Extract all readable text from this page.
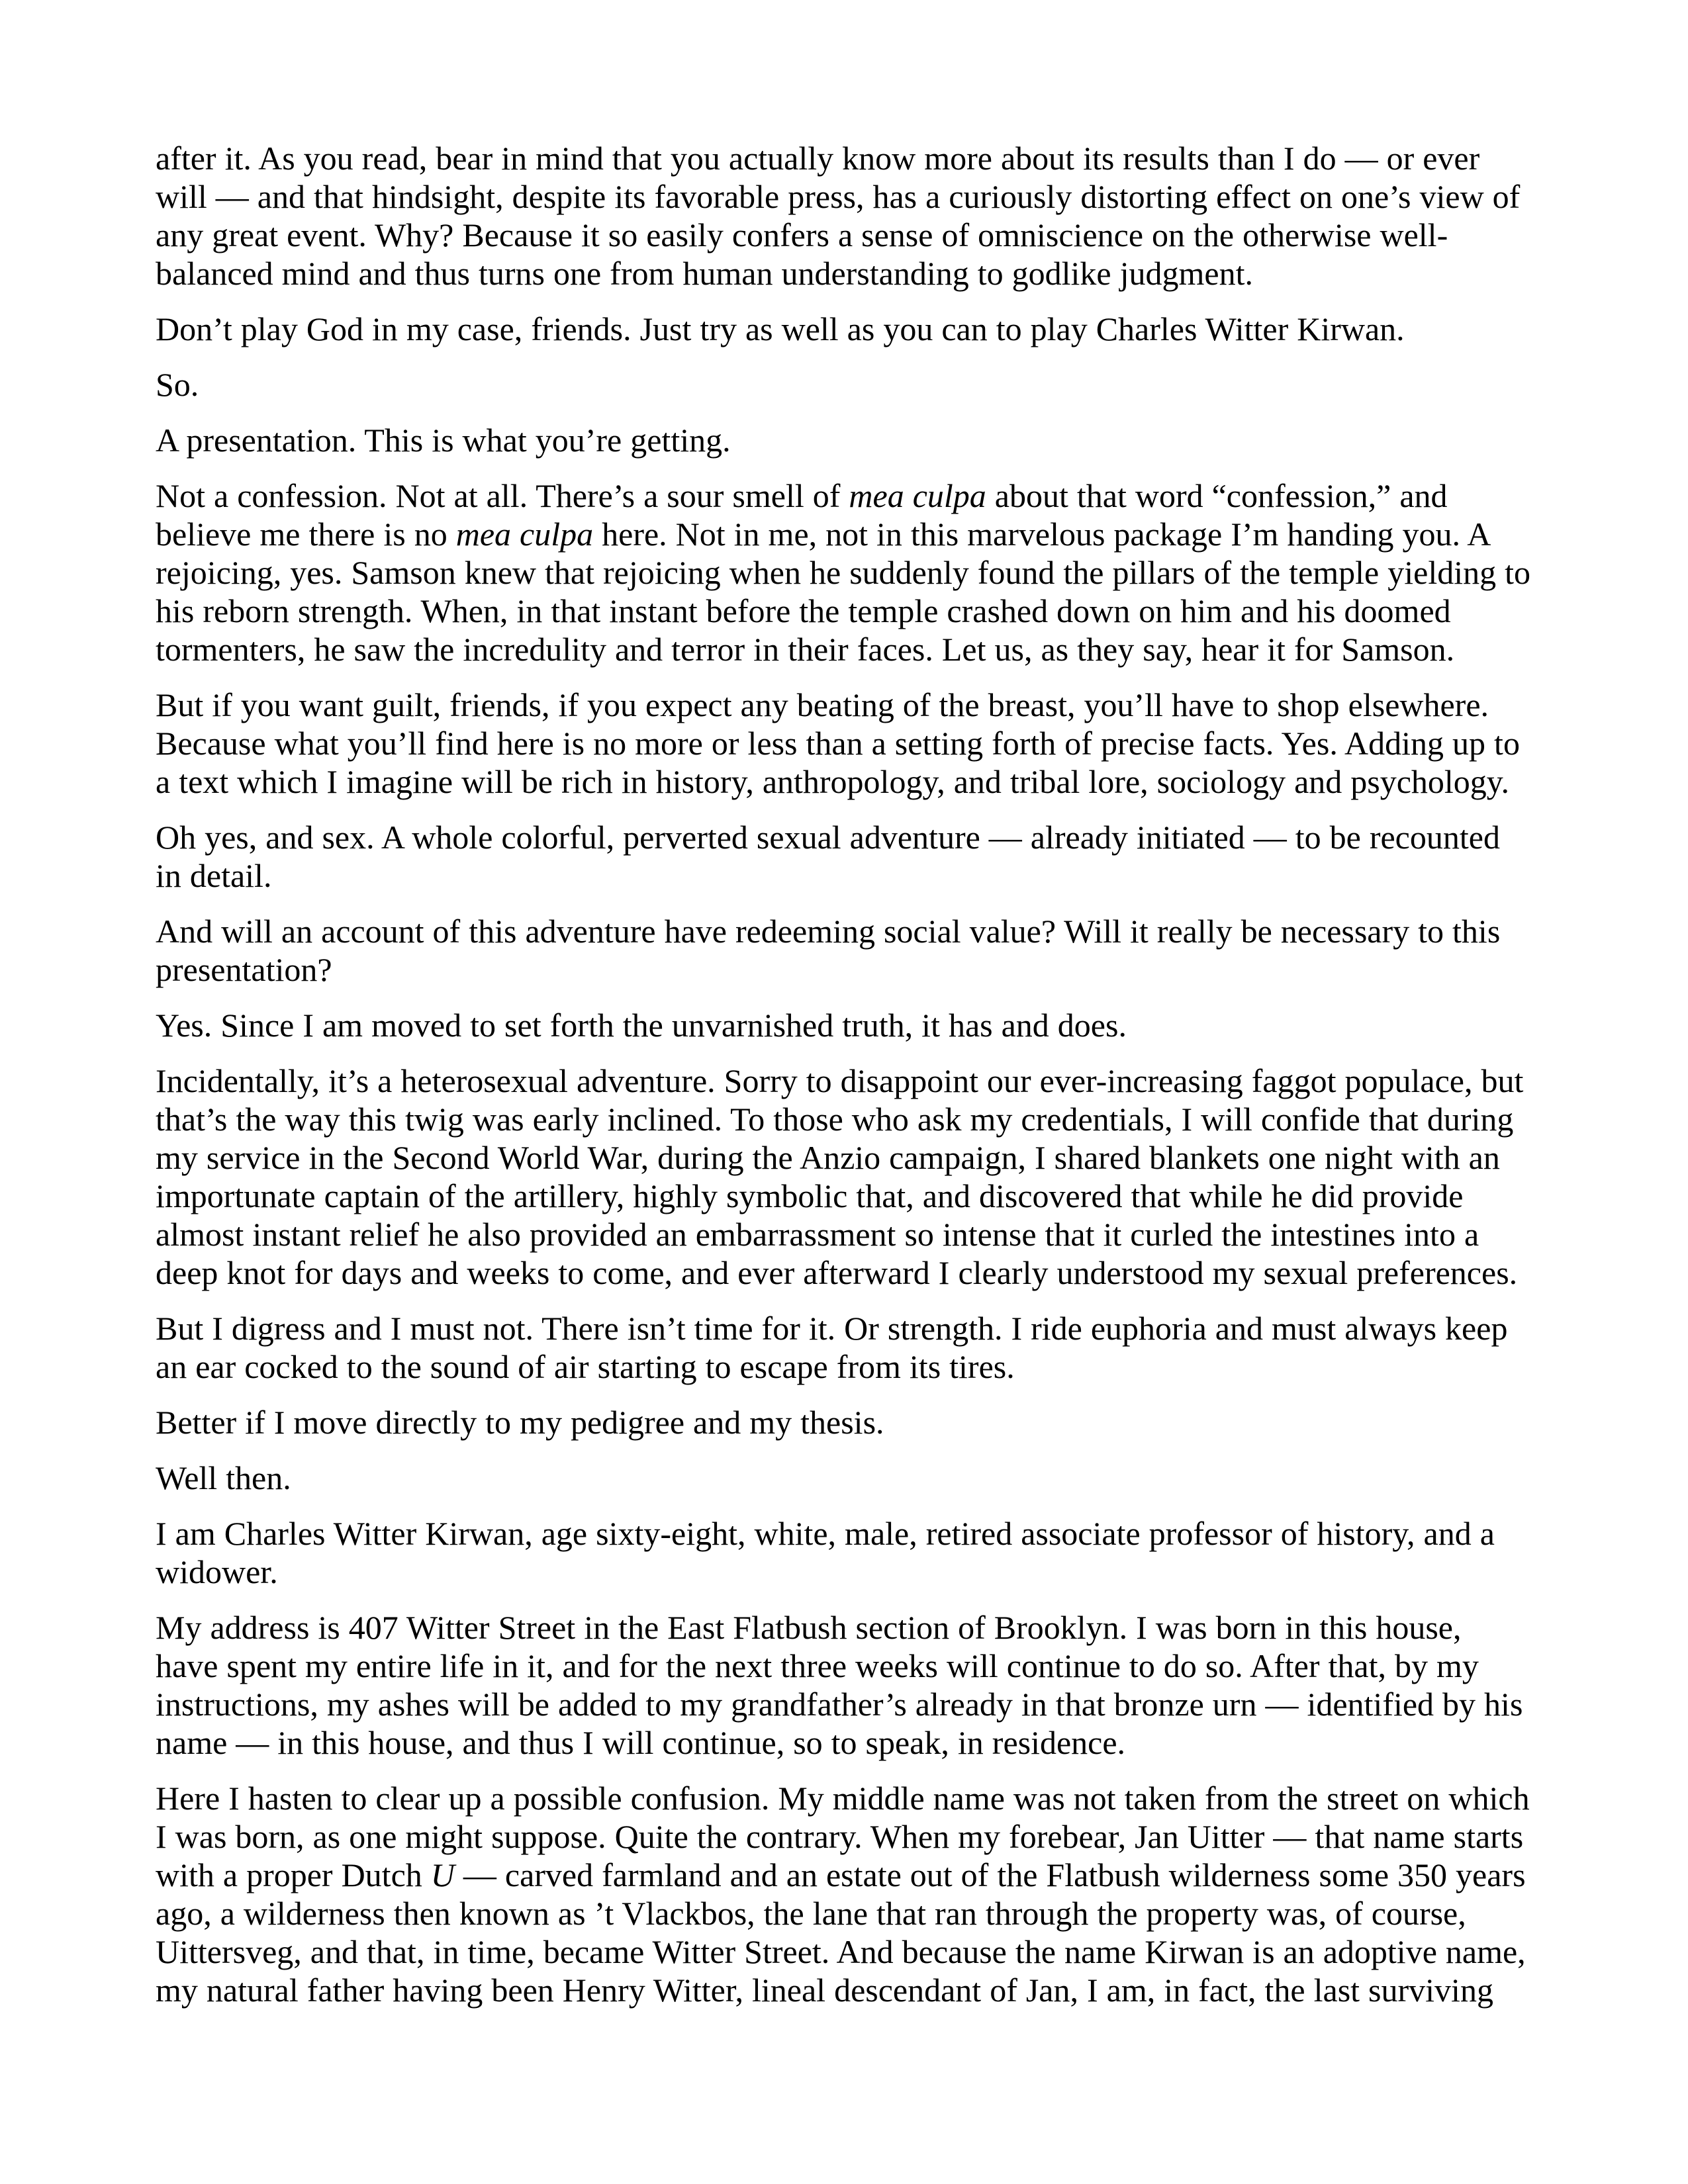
after it. As you read, bear in mind that you actually know more about its results than I do — or ever will — and that hindsight, despite its favorable press, has a curiously distorting effect on one’s view of any great event. Why? Because it so easily confers a sense of omniscience on the otherwise well-balanced mind and thus turns one from human understanding to godlike judgment.

Don’t play God in my case, friends. Just try as well as you can to play Charles Witter Kirwan.

So.

A presentation. This is what you’re getting.

Not a confession. Not at all. There’s a sour smell of mea culpa about that word “confession,” and believe me there is no mea culpa here. Not in me, not in this marvelous package I’m handing you. A rejoicing, yes. Samson knew that rejoicing when he suddenly found the pillars of the temple yielding to his reborn strength. When, in that instant before the temple crashed down on him and his doomed tormenters, he saw the incredulity and terror in their faces. Let us, as they say, hear it for Samson.

But if you want guilt, friends, if you expect any beating of the breast, you’ll have to shop elsewhere. Because what you’ll find here is no more or less than a setting forth of precise facts. Yes. Adding up to a text which I imagine will be rich in history, anthropology, and tribal lore, sociology and psychology.

Oh yes, and sex. A whole colorful, perverted sexual adventure — already initiated — to be recounted in detail.

And will an account of this adventure have redeeming social value? Will it really be necessary to this presentation?

Yes. Since I am moved to set forth the unvarnished truth, it has and does.

Incidentally, it’s a heterosexual adventure. Sorry to disappoint our ever-increasing faggot populace, but that’s the way this twig was early inclined. To those who ask my credentials, I will confide that during my service in the Second World War, during the Anzio campaign, I shared blankets one night with an importunate captain of the artillery, highly symbolic that, and discovered that while he did provide almost instant relief he also provided an embarrassment so intense that it curled the intestines into a deep knot for days and weeks to come, and ever afterward I clearly understood my sexual preferences.

But I digress and I must not. There isn’t time for it. Or strength. I ride euphoria and must always keep an ear cocked to the sound of air starting to escape from its tires.

Better if I move directly to my pedigree and my thesis.

Well then.

I am Charles Witter Kirwan, age sixty-eight, white, male, retired associate professor of history, and a widower.

My address is 407 Witter Street in the East Flatbush section of Brooklyn. I was born in this house, have spent my entire life in it, and for the next three weeks will continue to do so. After that, by my instructions, my ashes will be added to my grandfather’s already in that bronze urn — identified by his name — in this house, and thus I will continue, so to speak, in residence.

Here I hasten to clear up a possible confusion. My middle name was not taken from the street on which I was born, as one might suppose. Quite the contrary. When my forebear, Jan Uitter — that name starts with a proper Dutch U — carved farmland and an estate out of the Flatbush wilderness some 350 years ago, a wilderness then known as ’t Vlackbos, the lane that ran through the property was, of course, Uittersveg, and that, in time, became Witter Street. And because the name Kirwan is an adoptive name, my natural father having been Henry Witter, lineal descendant of Jan, I am, in fact, the last surviving
